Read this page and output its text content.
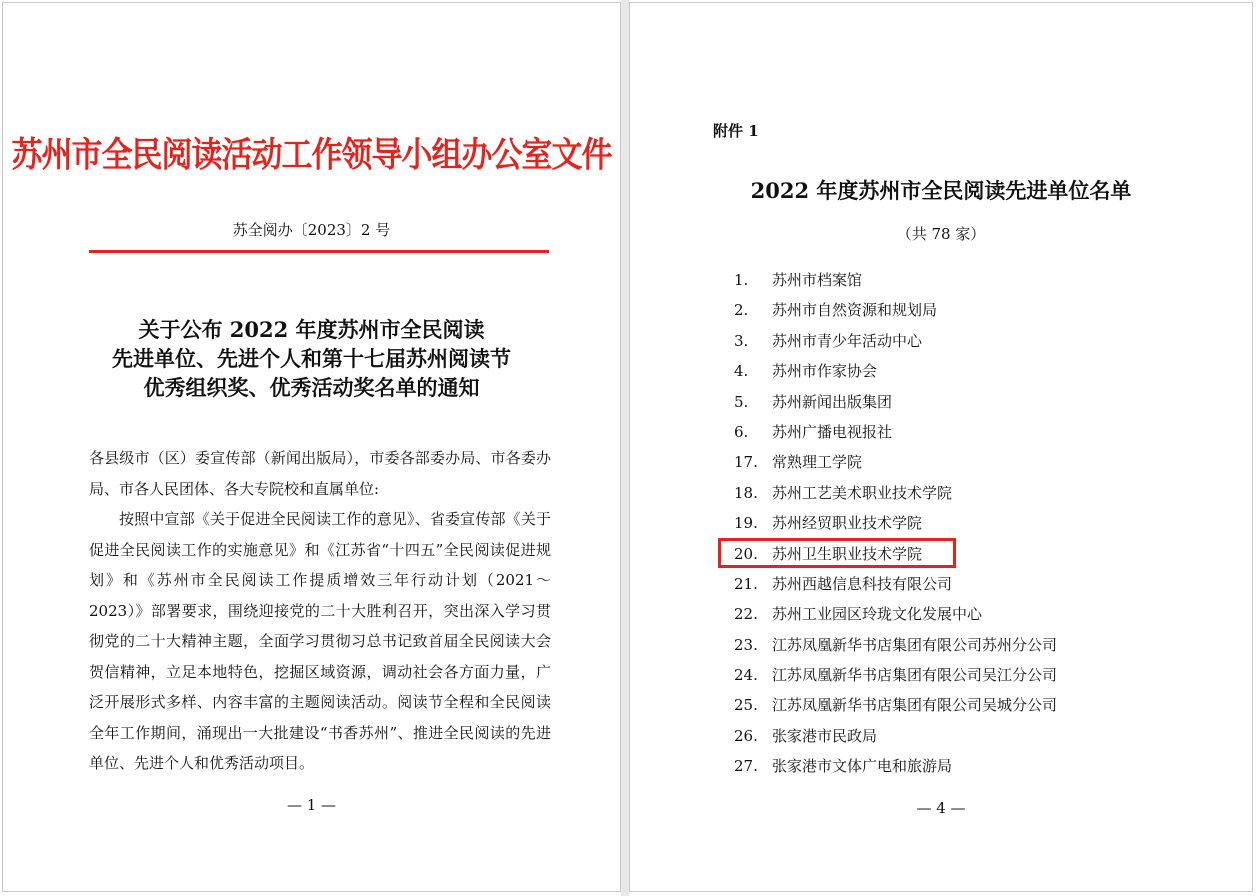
苏州市全民阅读活动工作领导小组办公室文件
苏全阅办〔2023〕2 号
关于公布 2022 年度苏州市全民阅读
先进单位、先进个人和第十七届苏州阅读节
优秀组织奖、优秀活动奖名单的通知

各县级市（区）委宣传部（新闻出版局），市委各部委办局、市各委办局、市各人民团体、各大专院校和直属单位:

按照中宣部《关于促进全民阅读工作的意见》、省委宣传部《关于促进全民阅读工作的实施意见》和《江苏省“十四五”全民阅读促进规划》和《苏州市全民阅读工作提质增效三年行动计划（2021～2023）》部署要求，围绕迎接党的二十大胜利召开，突出深入学习贯彻党的二十大精神主题，全面学习贯彻习总书记致首届全民阅读大会贺信精神，立足本地特色，挖掘区域资源，调动社会各方面力量，广泛开展形式多样、内容丰富的主题阅读活动。阅读节全程和全民阅读全年工作期间，涌现出一大批建设“书香苏州”、推进全民阅读的先进单位、先进个人和优秀活动项目。

— 1 —
附件 1
2022 年度苏州市全民阅读先进单位名单
（共 78 家）
1. 苏州市档案馆
2. 苏州市自然资源和规划局
3. 苏州市青少年活动中心
4. 苏州市作家协会
5. 苏州新闻出版集团
6. 苏州广播电视报社
17. 常熟理工学院
18. 苏州工艺美术职业技术学院
19. 苏州经贸职业技术学院
20. 苏州卫生职业技术学院
21. 苏州西越信息科技有限公司
22. 苏州工业园区玲珑文化发展中心
23. 江苏凤凰新华书店集团有限公司苏州分公司
24. 江苏凤凰新华书店集团有限公司吴江分公司
25. 江苏凤凰新华书店集团有限公司吴城分公司
26. 张家港市民政局
27. 张家港市文体广电和旅游局
— 4 —
